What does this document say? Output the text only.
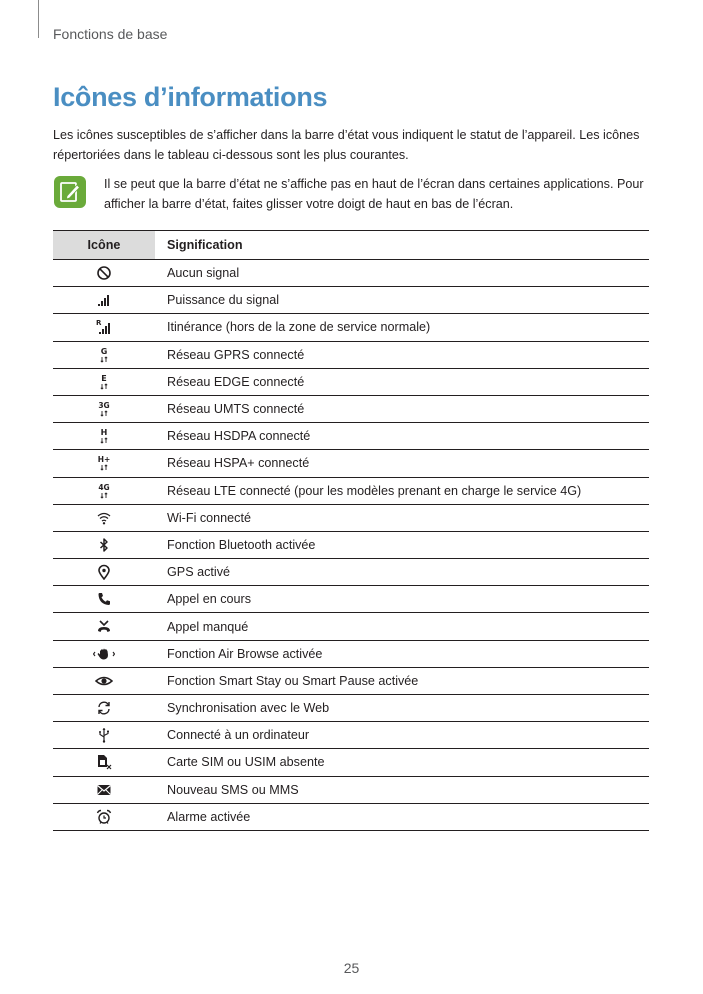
Fonctions de base
Icônes d’informations

Les icônes susceptibles de s’afficher dans la barre d’état vous indiquent le statut de l’appareil. Les icônes répertoriées dans le tableau ci-dessous sont les plus courantes.

Il se peut que la barre d’état ne s’affiche pas en haut de l’écran dans certaines applications. Pour afficher la barre d’état, faites glisser votre doigt de haut en bas de l’écran.

Icône	Signification
	Aucun signal
	Puissance du signal

R	Itinérance (hors de la zone de service normale)

G	Réseau GPRS connecté

E	Réseau EDGE connecté

3G	Réseau UMTS connecté

H	Réseau HSDPA connecté

H+	Réseau HSPA+ connecté

4G	Réseau LTE connecté (pour les modèles prenant en charge le service 4G)
	Wi-Fi connecté
	Fonction Bluetooth activée
	GPS activé
	Appel en cours
	Appel manqué
	Fonction Air Browse activée
	Fonction Smart Stay ou Smart Pause activée
	Synchronisation avec le Web
	Connecté à un ordinateur
	Carte SIM ou USIM absente
	Nouveau SMS ou MMS
	Alarme activée
25
